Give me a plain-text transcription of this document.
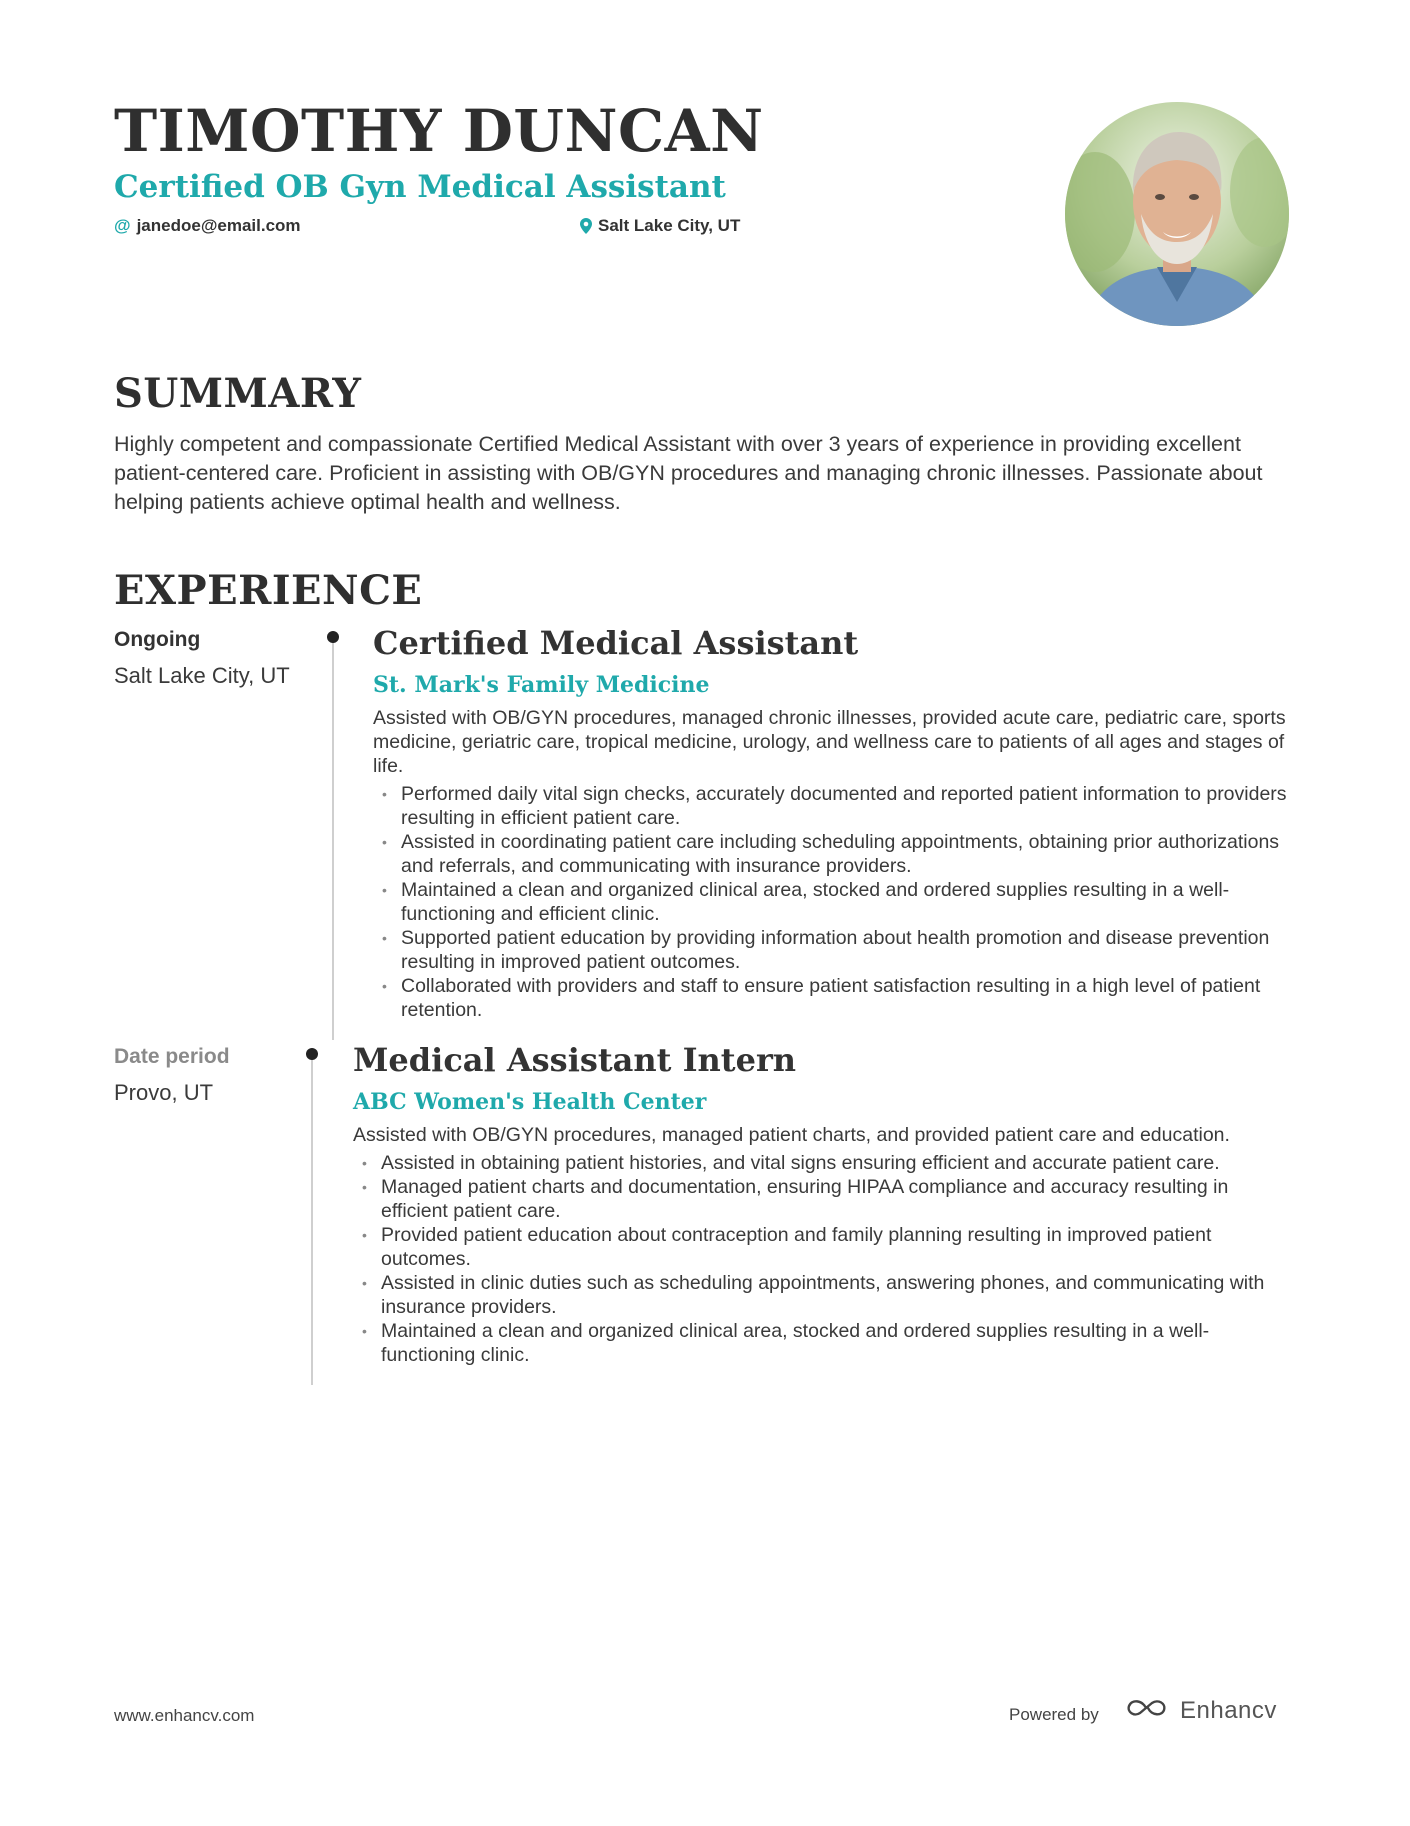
TIMOTHY DUNCAN
Certified OB Gyn Medical Assistant
@ janedoe@email.com	Salt Lake City, UT
SUMMARY

Highly competent and compassionate Certified Medical Assistant with over 3 years of experience in providing excellent patient-centered care. Proficient in assisting with OB/GYN procedures and managing chronic illnesses. Passionate about helping patients achieve optimal health and wellness.

EXPERIENCE
Ongoing
Salt Lake City, UT
Certified Medical Assistant
St. Mark's Family Medicine
Assisted with OB/GYN procedures, managed chronic illnesses, provided acute care, pediatric care, sports medicine, geriatric care, tropical medicine, urology, and wellness care to patients of all ages and stages of life.
• Performed daily vital sign checks, accurately documented and reported patient information to providers resulting in efficient patient care.
• Assisted in coordinating patient care including scheduling appointments, obtaining prior authorizations and referrals, and communicating with insurance providers.
• Maintained a clean and organized clinical area, stocked and ordered supplies resulting in a well-functioning and efficient clinic.
• Supported patient education by providing information about health promotion and disease prevention resulting in improved patient outcomes.
• Collaborated with providers and staff to ensure patient satisfaction resulting in a high level of patient retention.
Date period
Provo, UT
Medical Assistant Intern
ABC Women's Health Center
Assisted with OB/GYN procedures, managed patient charts, and provided patient care and education.
• Assisted in obtaining patient histories, and vital signs ensuring efficient and accurate patient care.
• Managed patient charts and documentation, ensuring HIPAA compliance and accuracy resulting in efficient patient care.
• Provided patient education about contraception and family planning resulting in improved patient outcomes.
• Assisted in clinic duties such as scheduling appointments, answering phones, and communicating with insurance providers.
• Maintained a clean and organized clinical area, stocked and ordered supplies resulting in a well-functioning clinic.
www.enhancv.com	Powered by	Enhancv
